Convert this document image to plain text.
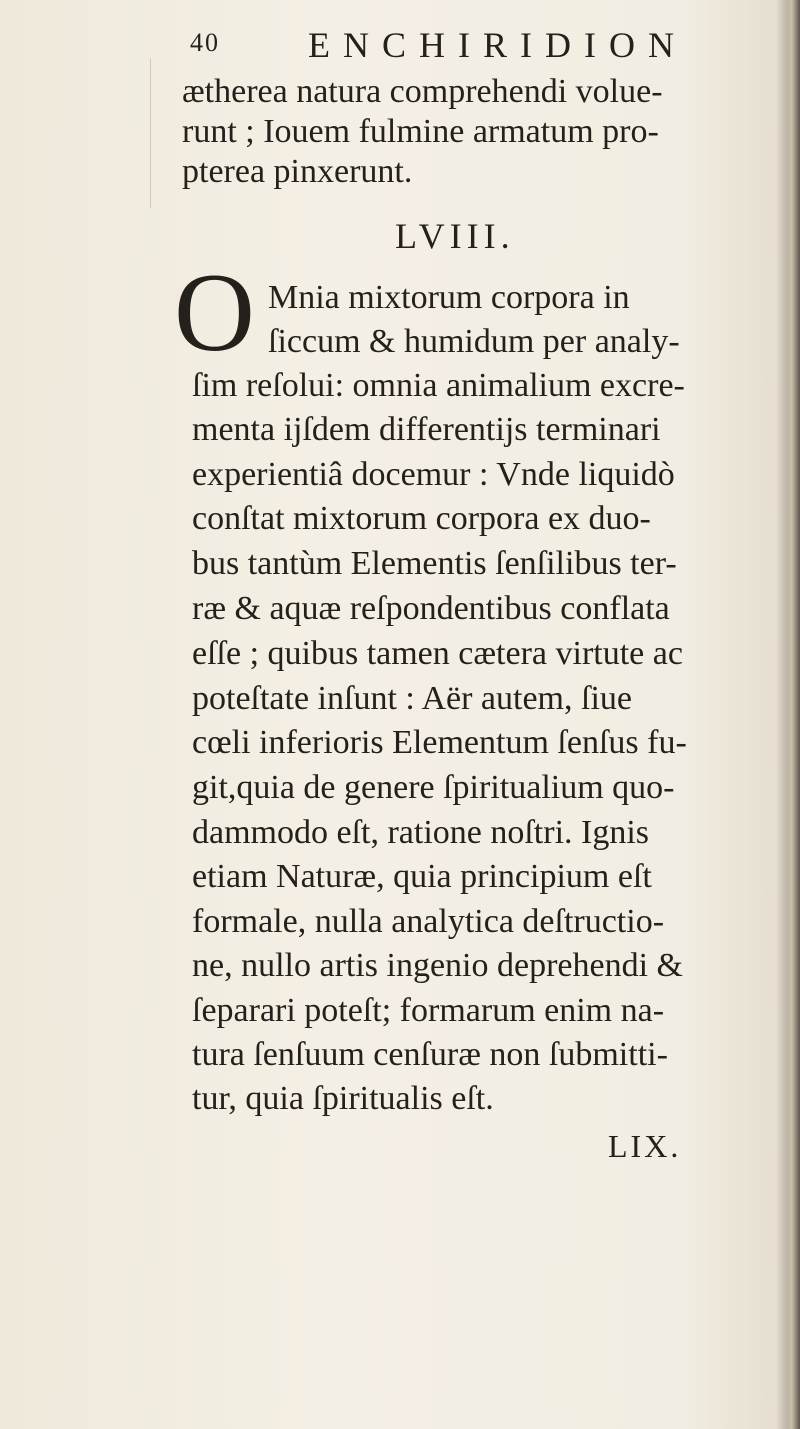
40 ENCHIRIDION
ætherea natura comprehendi volue-
runt ; Iouem fulmine armatum pro-
pterea pinxerunt.
LVIII.
O Mnia mixtorum corpora in
ſiccum & humidum per analy-
ſim reſolui: omnia animalium excre-
menta ijſdem differentijs terminari
experientiâ docemur : Vnde liquidò
conſtat mixtorum corpora ex duo-
bus tantùm Elementis ſenſilibus ter-
ræ & aquæ reſpondentibus conflata
eſſe ; quibus tamen cætera virtute ac
poteſtate inſunt : Aër autem, ſiue
cœli inferioris Elementum ſenſus fu-
git,quia de genere ſpiritualium quo-
dammodo eſt, ratione noſtri. Ignis
etiam Naturæ, quia principium eſt
formale, nulla analytica deſtructio-
ne, nullo artis ingenio deprehendi &
ſeparari poteſt; formarum enim na-
tura ſenſuum cenſuræ non ſubmitti-
tur, quia ſpiritualis eſt.
LIX.
